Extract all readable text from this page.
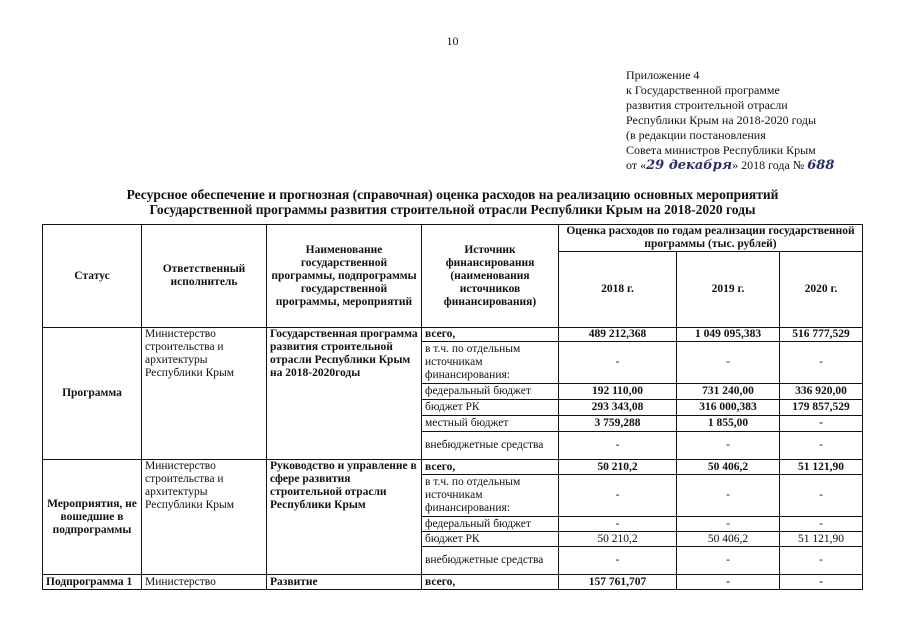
10
Приложение 4
к Государственной программе
развития строительной отрасли
Республики Крым на 2018-2020 годы
(в редакции постановления
Совета министров Республики Крым
от «29 декабря» 2018 года № 688
Ресурсное обеспечение и прогнозная (справочная) оценка расходов на реализацию основных мероприятий
Государственной программы развития строительной отрасли Республики Крым на 2018-2020 годы
Статус	Ответственный исполнитель	Наименование государственной программы, подпрограммы государственной программы, мероприятий	Источник финансирования (наименования источников финансирования)	Оценка расходов по годам реализации государственной программы (тыс. рублей)		
				2018 г.	2019 г.	2020 г.
Программа	Министерство строительства и архитектуры Республики Крым	Государственная программа развития строительной отрасли Республики Крым на 2018-2020годы	всего,	489 212,368	1 049 095,383	516 777,529
			в т.ч. по отдельным источникам финансирования:	-	-	-
			федеральный бюджет	192 110,00	731 240,00	336 920,00
			бюджет РК	293 343,08	316 000,383	179 857,529
			местный бюджет	3 759,288	1 855,00	-
			внебюджетные средства	-	-	-
Мероприятия, не вошедшие в подпрограммы	Министерство строительства и архитектуры Республики Крым	Руководство и управление в сфере развития строительной отрасли Республики Крым	всего,	50 210,2	50 406,2	51 121,90
			в т.ч. по отдельным источникам финансирования:	-	-	-
			федеральный бюджет	-	-	-
			бюджет РК	50 210,2	50 406,2	51 121,90
			внебюджетные средства	-	-	-
Подпрограмма 1	Министерство	Развитие	всего,	157 761,707	-	-
